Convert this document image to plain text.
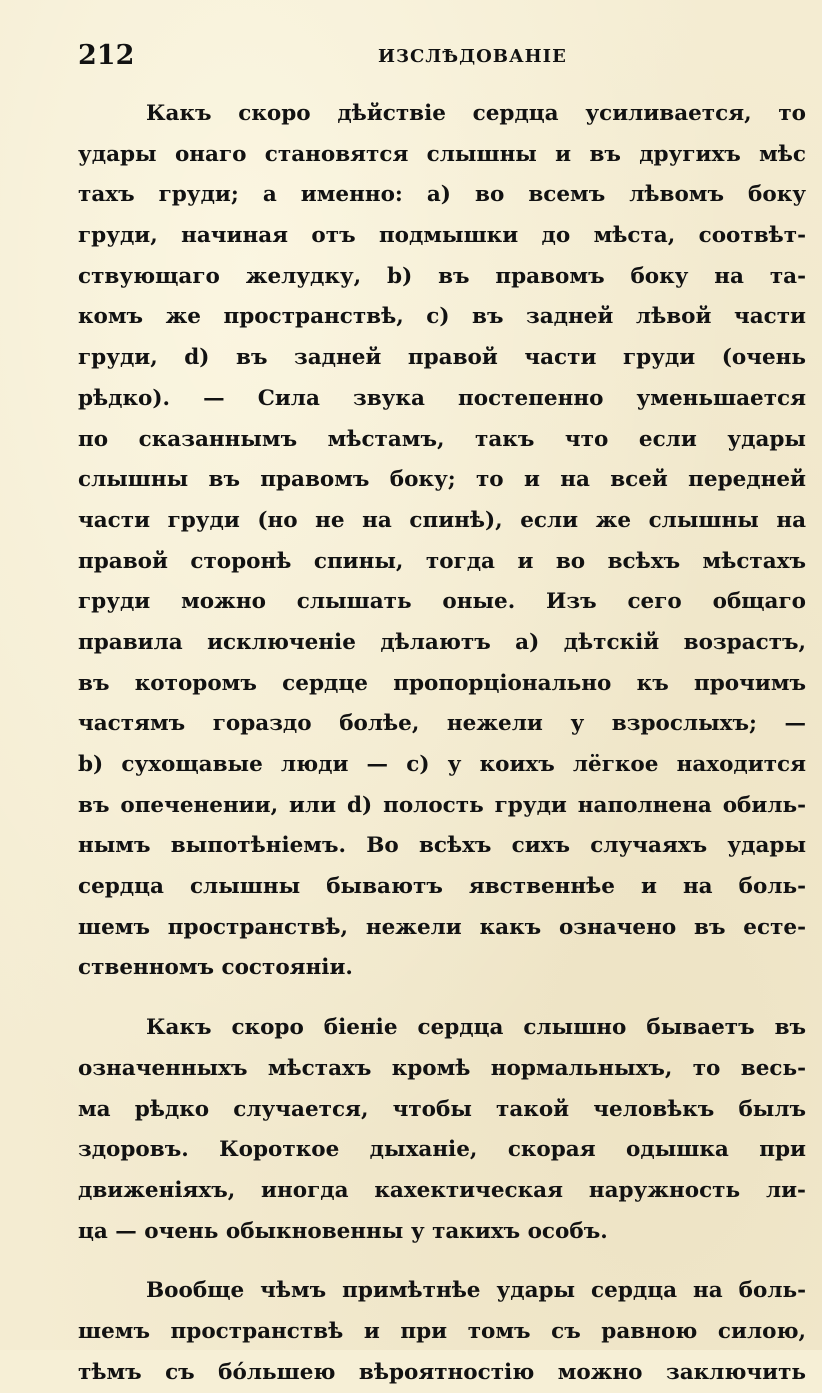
212	ИЗСЛѢДОВАНІЕ
Какъ скоро дѣйствіе сердца усиливается, то
удары онаго становятся слышны и въ другихъ мѣс
тахъ груди; а именно: а) во всемъ лѣвомъ боку
груди, начиная отъ подмышки до мѣста, соотвѣт-
ствующаго желудку, b) въ правомъ боку на та-
комъ же пространствѣ, с) въ задней лѣвой части
груди, d) въ задней правой части груди (очень
рѣдко). — Сила звука постепенно уменьшается
по сказаннымъ мѣстамъ, такъ что если удары
слышны въ правомъ боку; то и на всей передней
части груди (но не на спинѣ), если же слышны на
правой сторонѣ спины, тогда и во всѣхъ мѣстахъ
груди можно слышать оные. Изъ сего общаго
правила исключеніе дѣлаютъ а) дѣтскій возрастъ,
въ которомъ сердце пропорціонально къ прочимъ
частямъ гораздо болѣе, нежели у взрослыхъ; —
b) сухощавые люди — с) у коихъ лёгкое находится
въ опеченении, или d) полость груди наполнена обиль-
нымъ выпотѣніемъ. Во всѣхъ сихъ случаяхъ удары
сердца слышны бываютъ явственнѣе и на боль-
шемъ пространствѣ, нежели какъ означено въ есте-
ственномъ состояніи.
Какъ скоро біеніе сердца слышно бываетъ въ
означенныхъ мѣстахъ кромѣ нормальныхъ, то весь-
ма рѣдко случается, чтобы такой человѣкъ былъ
здоровъ. Короткое дыханіе, скорая одышка при
движеніяхъ, иногда кахектическая наружность ли-
ца — очень обыкновенны у такихъ особъ.
Вообще чѣмъ примѣтнѣе удары сердца на боль-
шемъ пространствѣ и при томъ съ равною силою,
тѣмъ съ бóльшею вѣроятностію можно заключить
